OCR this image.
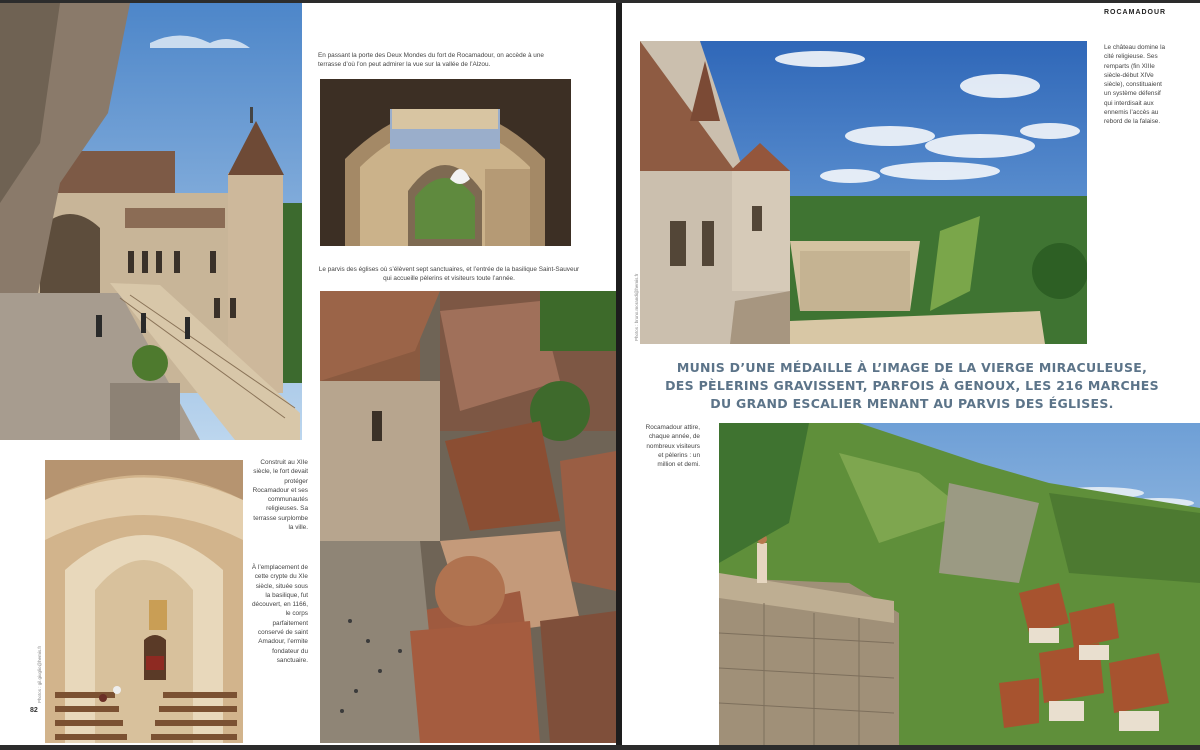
En passant la porte des Deux Mondes du fort de Rocamadour, on accède à une terrasse d’où l’on peut admirer la vue sur la vallée de l’Alzou.
Le parvis des églises où s’élèvent sept sanctuaires, et l’entrée de la basilique Saint-Sauveur qui accueille pèlerins et visiteurs toute l’année.
Photos : gil.giuglio@hemis.fr
Construit au XIIe siècle, le fort devait protéger Rocamadour et ses communautés religieuses. Sa terrasse surplombe la ville.
À l’emplacement de cette crypte du XIe siècle, située sous la basilique, fut découvert, en 1166, le corps parfaitement conservé de saint Amadour, l’ermite fondateur du sanctuaire.
82
ROCAMADOUR
Photos : bruno.morandi@hemis.fr
Le château domine la cité religieuse. Ses remparts (fin XIIIe siècle-début XIVe siècle), constituaient un système défensif qui interdisait aux ennemis l’accès au rebord de la falaise.
MUNIS D’UNE MÉDAILLE À L’IMAGE DE LA VIERGE MIRACULEUSE,
DES PÈLERINS GRAVISSENT, PARFOIS À GENOUX, LES 216 MARCHES
DU GRAND ESCALIER MENANT AU PARVIS DES ÉGLISES.
Rocamadour attire, chaque année, de nombreux visiteurs et pèlerins : un million et demi.
